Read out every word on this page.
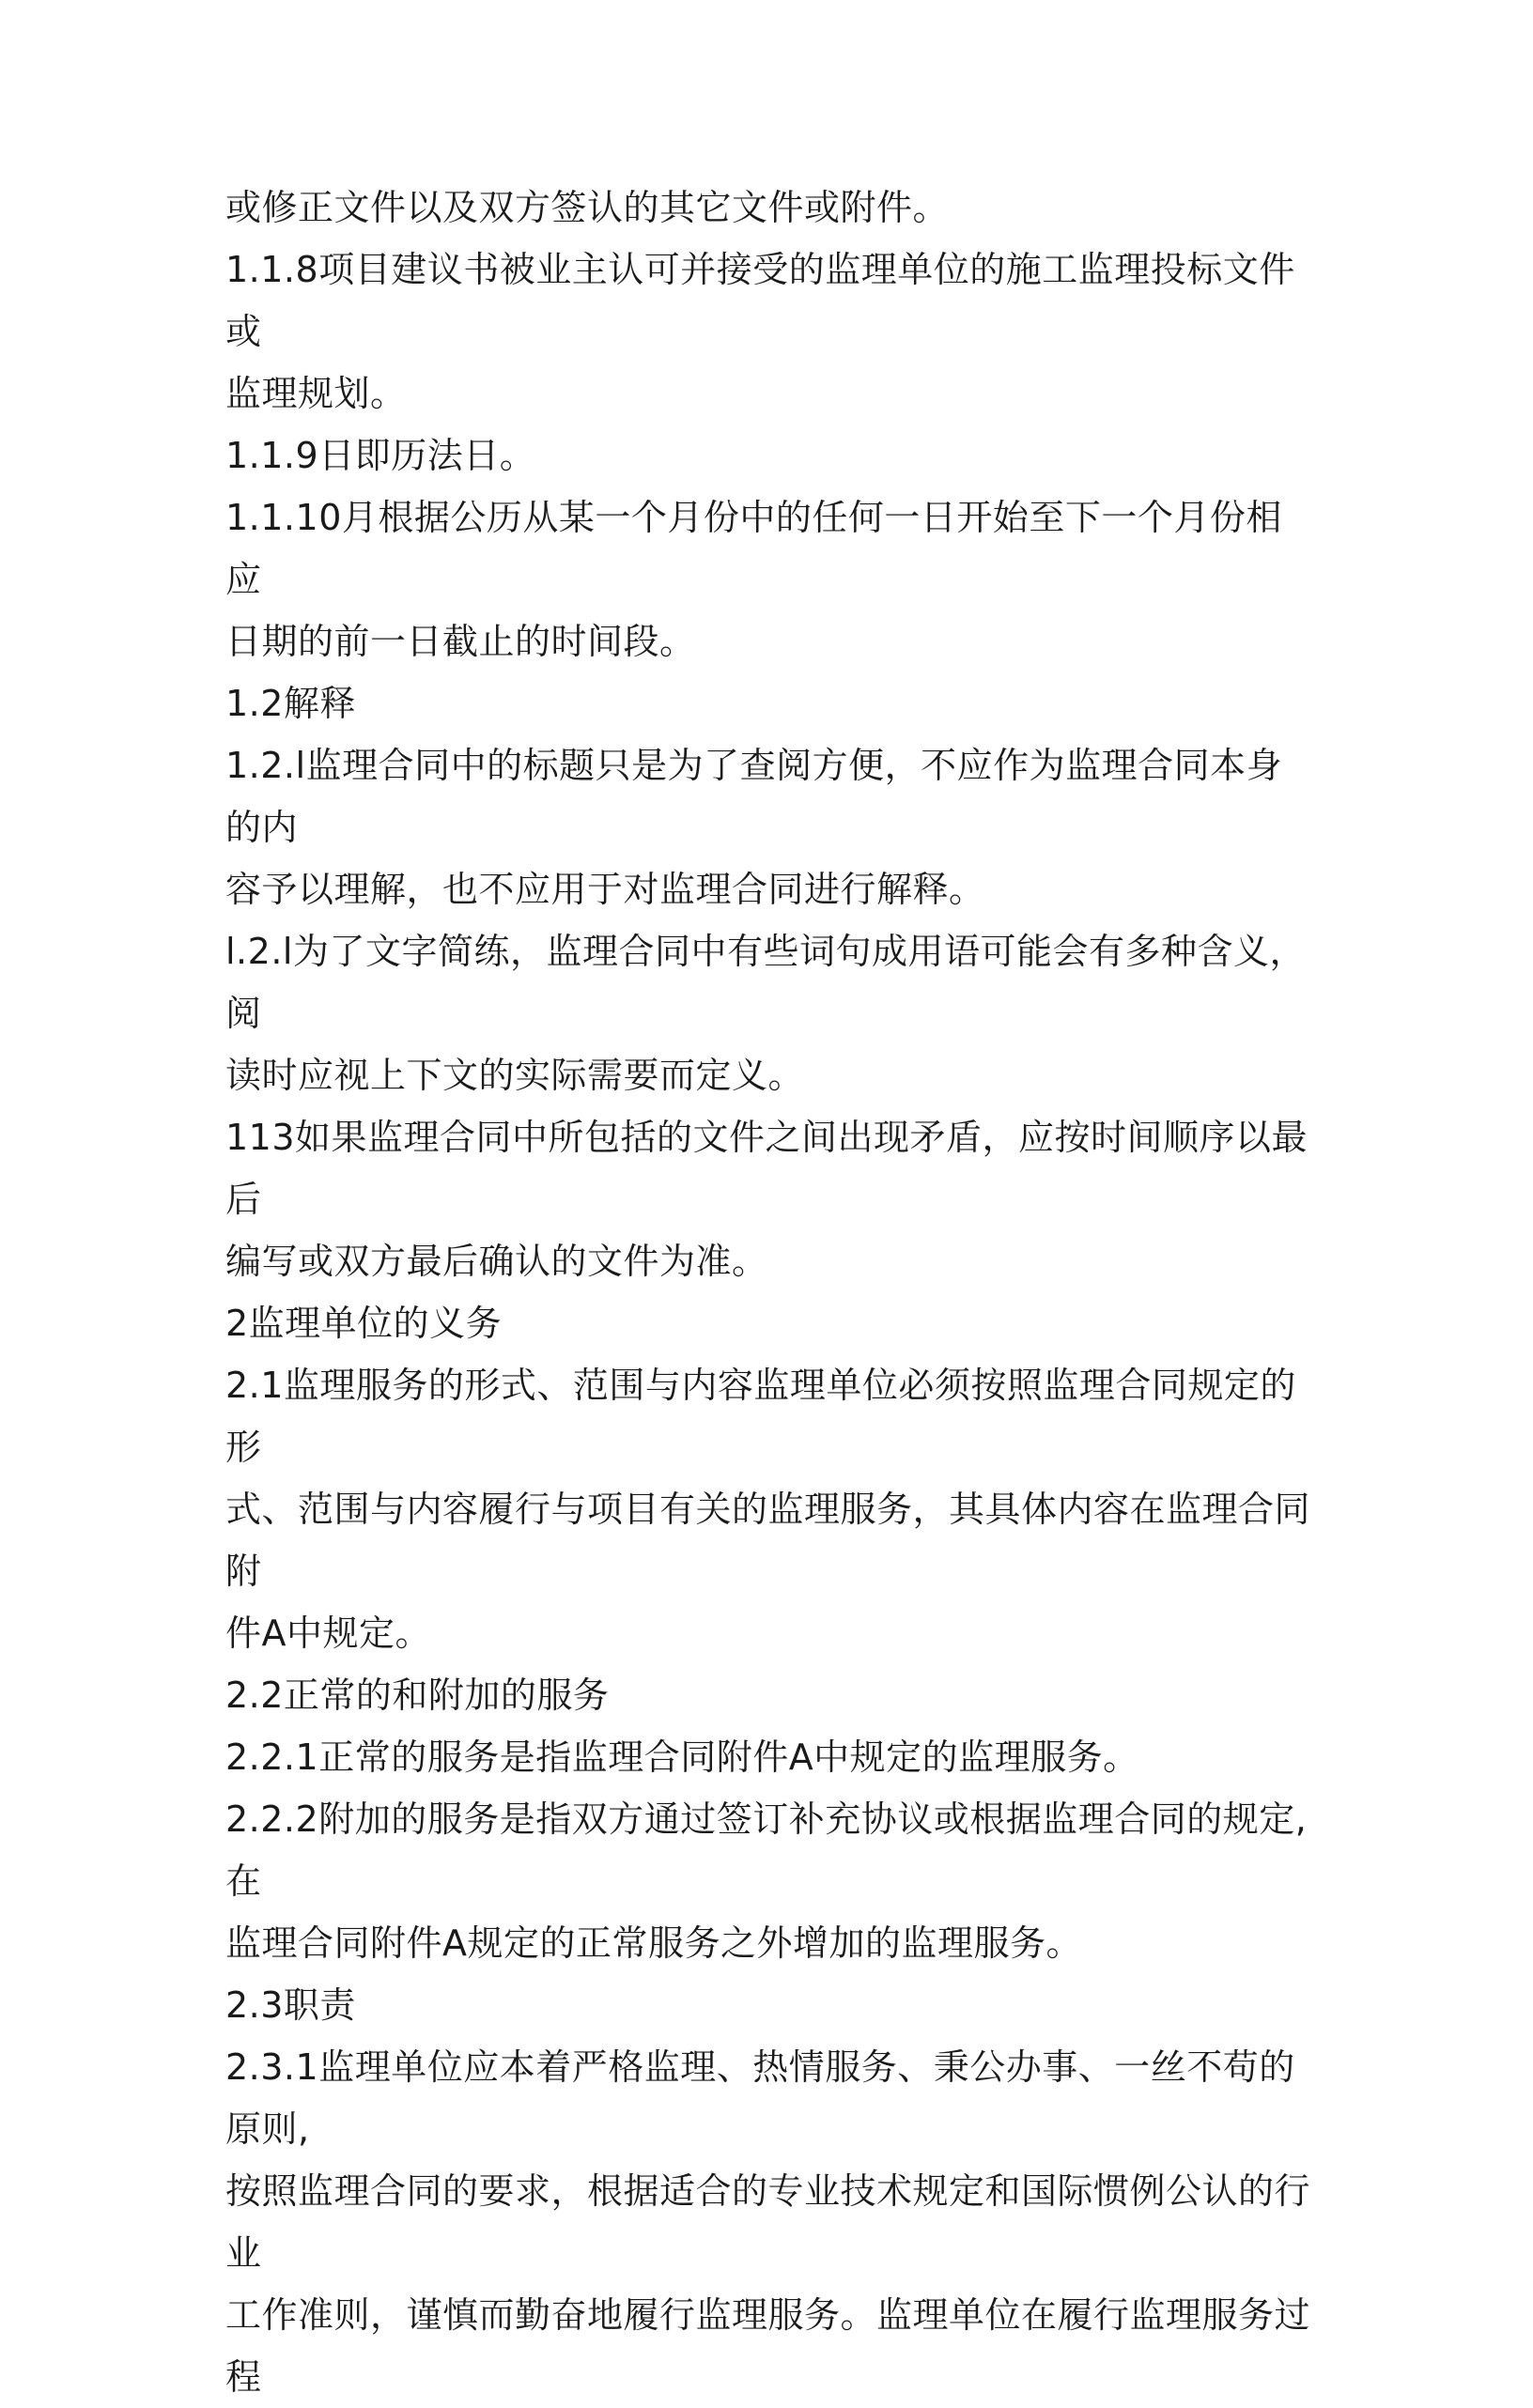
或修正文件以及双方签认的其它文件或附件。
1.1.8项目建议书被业主认可并接受的监理单位的施工监理投标文件或
监理规划。
1.1.9日即历法日。
1.1.10月根据公历从某一个月份中的任何一日开始至下一个月份相应
日期的前一日截止的时间段。
1.2解释
1.2.l监理合同中的标题只是为了查阅方便，不应作为监理合同本身的内
容予以理解，也不应用于对监理合同进行解释。
l.2.l为了文字简练，监理合同中有些词句成用语可能会有多种含义，阅
读时应视上下文的实际需要而定义。
113如果监理合同中所包括的文件之间出现矛盾，应按时间顺序以最后
编写或双方最后确认的文件为准。
2监理单位的义务
2.1监理服务的形式、范围与内容监理单位必须按照监理合同规定的形
式、范围与内容履行与项目有关的监理服务，其具体内容在监理合同附
件A中规定。
2.2正常的和附加的服务
2.2.1正常的服务是指监理合同附件A中规定的监理服务。
2.2.2附加的服务是指双方通过签订补充协议或根据监理合同的规定,在
监理合同附件A规定的正常服务之外增加的监理服务。
2.3职责
2.3.1监理单位应本着严格监理、热情服务、秉公办事、一丝不苟的原则,
按照监理合同的要求，根据适合的专业技术规定和国际惯例公认的行业
工作准则，谨慎而勤奋地履行监理服务。监理单位在履行监理服务过程
